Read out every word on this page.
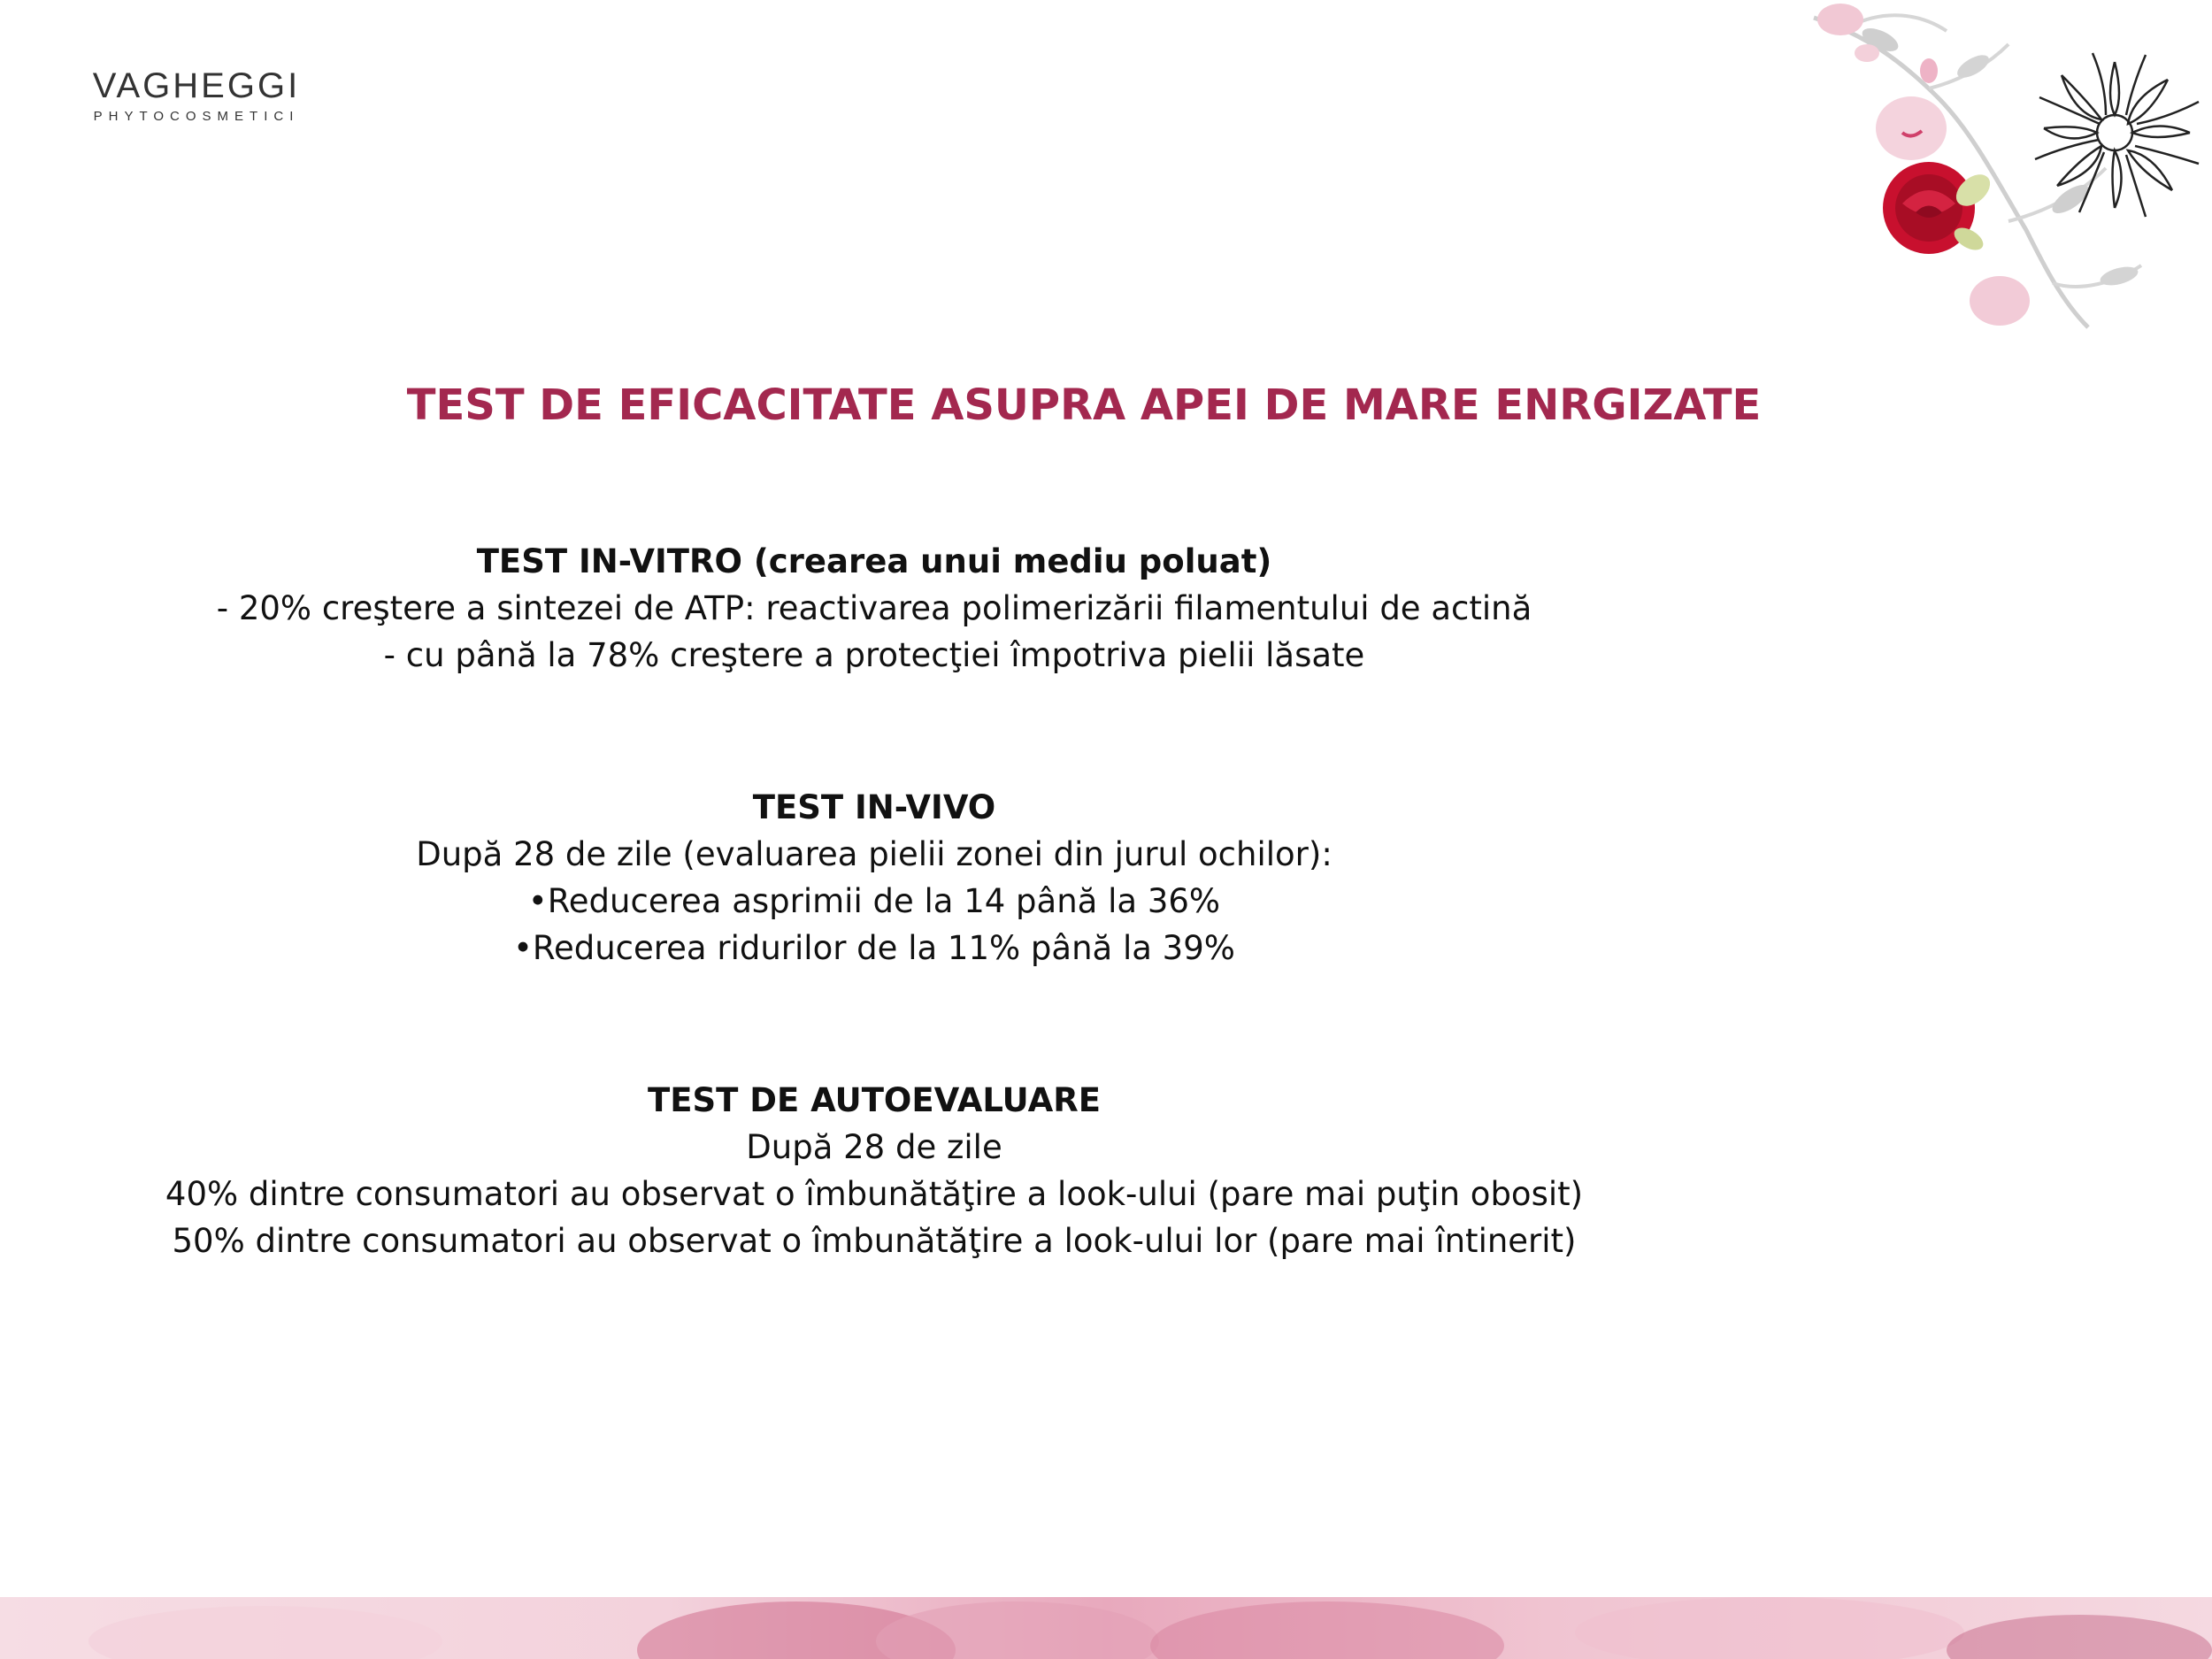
VAGHEGGI
PHYTOCOSMETICI
TEST DE EFICACITATE ASUPRA APEI DE MARE ENRGIZATE
TEST IN-VITRO (crearea unui mediu poluat)
- 20% creştere a sintezei de ATP: reactivarea polimerizării filamentului de actină
- cu până la 78% creştere a protecţiei împotriva pielii lăsate
TEST IN-VIVO
După 28 de zile (evaluarea pielii zonei din jurul ochilor):
•Reducerea asprimii de la 14 până la 36%
•Reducerea ridurilor de la 11% până la 39%
TEST DE AUTOEVALUARE
După 28 de zile
40% dintre consumatori au observat o îmbunătăţire a look-ului (pare mai puţin obosit)
50% dintre consumatori au observat o îmbunătăţire a look-ului lor (pare mai întinerit)
